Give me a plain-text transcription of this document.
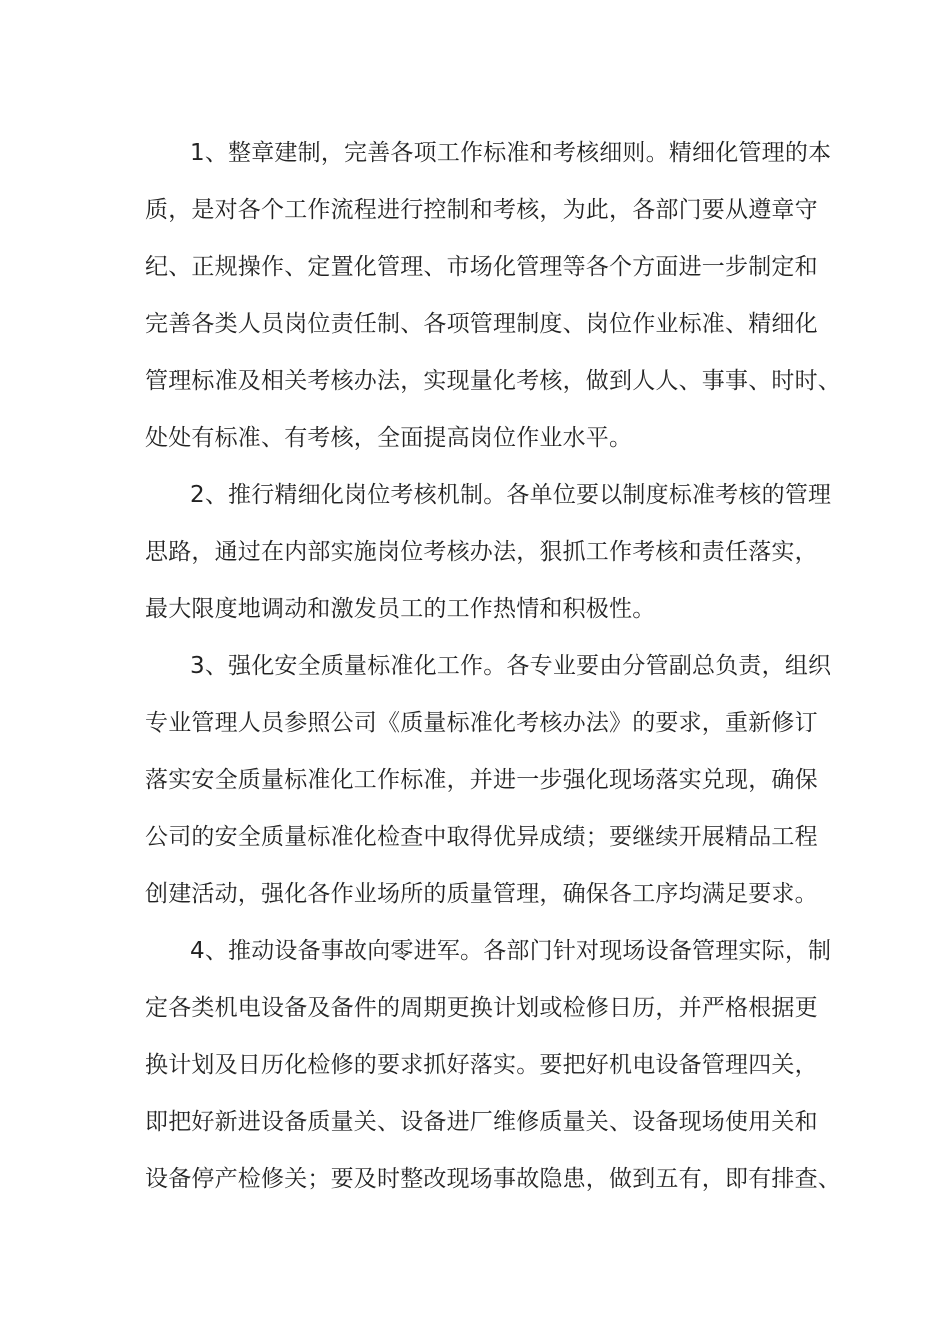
1、整章建制，完善各项工作标准和考核细则。精细化管理的本
质，是对各个工作流程进行控制和考核，为此，各部门要从遵章守
纪、正规操作、定置化管理、市场化管理等各个方面进一步制定和
完善各类人员岗位责任制、各项管理制度、岗位作业标准、精细化
管理标准及相关考核办法，实现量化考核，做到人人、事事、时时、
处处有标准、有考核，全面提高岗位作业水平。
2、推行精细化岗位考核机制。各单位要以制度标准考核的管理
思路，通过在内部实施岗位考核办法，狠抓工作考核和责任落实，
最大限度地调动和激发员工的工作热情和积极性。
3、强化安全质量标准化工作。各专业要由分管副总负责，组织
专业管理人员参照公司《质量标准化考核办法》的要求，重新修订
落实安全质量标准化工作标准，并进一步强化现场落实兑现，确保
公司的安全质量标准化检查中取得优异成绩；要继续开展精品工程
创建活动，强化各作业场所的质量管理，确保各工序均满足要求。
4、推动设备事故向零进军。各部门针对现场设备管理实际，制
定各类机电设备及备件的周期更换计划或检修日历，并严格根据更
换计划及日历化检修的要求抓好落实。要把好机电设备管理四关，
即把好新进设备质量关、设备进厂维修质量关、设备现场使用关和
设备停产检修关；要及时整改现场事故隐患，做到五有，即有排查、
